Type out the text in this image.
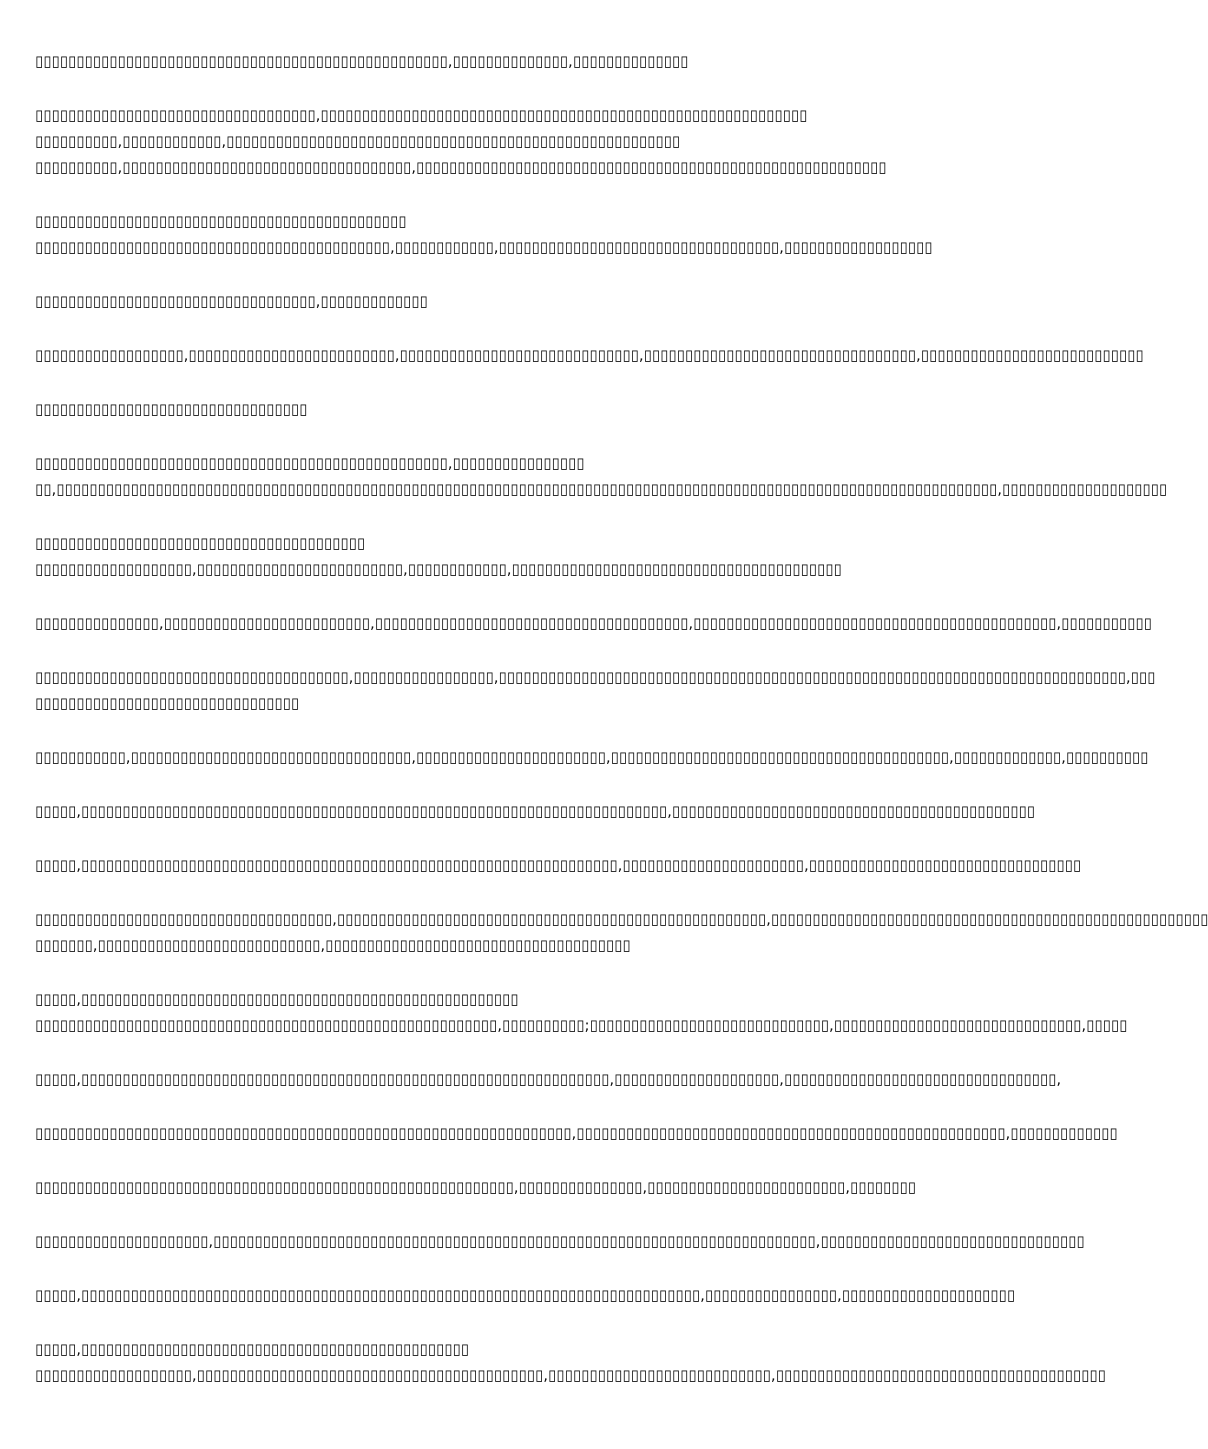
▯▯▯▯▯▯▯▯▯▯▯▯▯▯▯▯▯▯▯▯▯▯▯▯▯▯▯▯▯▯▯▯▯▯▯▯▯▯▯▯▯▯▯▯▯▯▯▯▯▯,▯▯▯▯▯▯▯▯▯▯▯▯▯▯,▯▯▯▯▯▯▯▯▯▯▯▯▯▯
▯▯▯▯▯▯▯▯▯▯▯▯▯▯▯▯▯▯▯▯▯▯▯▯▯▯▯▯▯▯▯▯▯▯,▯▯▯▯▯▯▯▯▯▯▯▯▯▯▯▯▯▯▯▯▯▯▯▯▯▯▯▯▯▯▯▯▯▯▯▯▯▯▯▯▯▯▯▯▯▯▯▯▯▯▯▯▯▯▯▯▯▯▯
▯▯▯▯▯▯▯▯▯▯,▯▯▯▯▯▯▯▯▯▯▯▯,▯▯▯▯▯▯▯▯▯▯▯▯▯▯▯▯▯▯▯▯▯▯▯▯▯▯▯▯▯▯▯▯▯▯▯▯▯▯▯▯▯▯▯▯▯▯▯▯▯▯▯▯▯▯▯
▯▯▯▯▯▯▯▯▯▯,▯▯▯▯▯▯▯▯▯▯▯▯▯▯▯▯▯▯▯▯▯▯▯▯▯▯▯▯▯▯▯▯▯▯▯,▯▯▯▯▯▯▯▯▯▯▯▯▯▯▯▯▯▯▯▯▯▯▯▯▯▯▯▯▯▯▯▯▯▯▯▯▯▯▯▯▯▯▯▯▯▯▯▯▯▯▯▯▯▯▯▯▯
▯▯▯▯▯▯▯▯▯▯▯▯▯▯▯▯▯▯▯▯▯▯▯▯▯▯▯▯▯▯▯▯▯▯▯▯▯▯▯▯▯▯▯▯▯
▯▯▯▯▯▯▯▯▯▯▯▯▯▯▯▯▯▯▯▯▯▯▯▯▯▯▯▯▯▯▯▯▯▯▯▯▯▯▯▯▯▯▯,▯▯▯▯▯▯▯▯▯▯▯▯,▯▯▯▯▯▯▯▯▯▯▯▯▯▯▯▯▯▯▯▯▯▯▯▯▯▯▯▯▯▯▯▯▯▯,▯▯▯▯▯▯▯▯▯▯▯▯▯▯▯▯▯▯
▯▯▯▯▯▯▯▯▯▯▯▯▯▯▯▯▯▯▯▯▯▯▯▯▯▯▯▯▯▯▯▯▯▯,▯▯▯▯▯▯▯▯▯▯▯▯▯
▯▯▯▯▯▯▯▯▯▯▯▯▯▯▯▯▯▯,▯▯▯▯▯▯▯▯▯▯▯▯▯▯▯▯▯▯▯▯▯▯▯▯▯,▯▯▯▯▯▯▯▯▯▯▯▯▯▯▯▯▯▯▯▯▯▯▯▯▯▯▯▯▯,▯▯▯▯▯▯▯▯▯▯▯▯▯▯▯▯▯▯▯▯▯▯▯▯▯▯▯▯▯▯▯▯▯,▯▯▯▯▯▯▯▯▯▯▯▯▯▯▯▯▯▯▯▯▯▯▯▯▯▯▯
▯▯▯▯▯▯▯▯▯▯▯▯▯▯▯▯▯▯▯▯▯▯▯▯▯▯▯▯▯▯▯▯▯
▯▯▯▯▯▯▯▯▯▯▯▯▯▯▯▯▯▯▯▯▯▯▯▯▯▯▯▯▯▯▯▯▯▯▯▯▯▯▯▯▯▯▯▯▯▯▯▯▯▯,▯▯▯▯▯▯▯▯▯▯▯▯▯▯▯▯
▯▯,▯▯▯▯▯▯▯▯▯▯▯▯▯▯▯▯▯▯▯▯▯▯▯▯▯▯▯▯▯▯▯▯▯▯▯▯▯▯▯▯▯▯▯▯▯▯▯▯▯▯▯▯▯▯▯▯▯▯▯▯▯▯▯▯▯▯▯▯▯▯▯▯▯▯▯▯▯▯▯▯▯▯▯▯▯▯▯▯▯▯▯▯▯▯▯▯▯▯▯▯▯▯▯▯▯▯▯▯▯▯▯▯▯▯,▯▯▯▯▯▯▯▯▯▯▯▯▯▯▯▯▯▯▯▯
▯▯▯▯▯▯▯▯▯▯▯▯▯▯▯▯▯▯▯▯▯▯▯▯▯▯▯▯▯▯▯▯▯▯▯▯▯▯▯▯
▯▯▯▯▯▯▯▯▯▯▯▯▯▯▯▯▯▯▯,▯▯▯▯▯▯▯▯▯▯▯▯▯▯▯▯▯▯▯▯▯▯▯▯▯,▯▯▯▯▯▯▯▯▯▯▯▯,▯▯▯▯▯▯▯▯▯▯▯▯▯▯▯▯▯▯▯▯▯▯▯▯▯▯▯▯▯▯▯▯▯▯▯▯▯▯▯▯
▯▯▯▯▯▯▯▯▯▯▯▯▯▯▯,▯▯▯▯▯▯▯▯▯▯▯▯▯▯▯▯▯▯▯▯▯▯▯▯▯,▯▯▯▯▯▯▯▯▯▯▯▯▯▯▯▯▯▯▯▯▯▯▯▯▯▯▯▯▯▯▯▯▯▯▯▯▯▯,▯▯▯▯▯▯▯▯▯▯▯▯▯▯▯▯▯▯▯▯▯▯▯▯▯▯▯▯▯▯▯▯▯▯▯▯▯▯▯▯▯▯▯▯,▯▯▯▯▯▯▯▯▯▯▯
▯▯▯▯▯▯▯▯▯▯▯▯▯▯▯▯▯▯▯▯▯▯▯▯▯▯▯▯▯▯▯▯▯▯▯▯▯▯,▯▯▯▯▯▯▯▯▯▯▯▯▯▯▯▯▯,▯▯▯▯▯▯▯▯▯▯▯▯▯▯▯▯▯▯▯▯▯▯▯▯▯▯▯▯▯▯▯▯▯▯▯▯▯▯▯▯▯▯▯▯▯▯▯▯▯▯▯▯▯▯▯▯▯▯▯▯▯▯▯▯▯▯▯▯▯▯▯▯▯▯▯▯,▯▯▯
▯▯▯▯▯▯▯▯▯▯▯▯▯▯▯▯▯▯▯▯▯▯▯▯▯▯▯▯▯▯▯▯
▯▯▯▯▯▯▯▯▯▯▯,▯▯▯▯▯▯▯▯▯▯▯▯▯▯▯▯▯▯▯▯▯▯▯▯▯▯▯▯▯▯▯▯▯▯,▯▯▯▯▯▯▯▯▯▯▯▯▯▯▯▯▯▯▯▯▯▯▯,▯▯▯▯▯▯▯▯▯▯▯▯▯▯▯▯▯▯▯▯▯▯▯▯▯▯▯▯▯▯▯▯▯▯▯▯▯▯▯▯▯,▯▯▯▯▯▯▯▯▯▯▯▯▯,▯▯▯▯▯▯▯▯▯▯
▯▯▯▯▯,▯▯▯▯▯▯▯▯▯▯▯▯▯▯▯▯▯▯▯▯▯▯▯▯▯▯▯▯▯▯▯▯▯▯▯▯▯▯▯▯▯▯▯▯▯▯▯▯▯▯▯▯▯▯▯▯▯▯▯▯▯▯▯▯▯▯▯▯▯▯▯,▯▯▯▯▯▯▯▯▯▯▯▯▯▯▯▯▯▯▯▯▯▯▯▯▯▯▯▯▯▯▯▯▯▯▯▯▯▯▯▯▯▯▯▯
▯▯▯▯▯,▯▯▯▯▯▯▯▯▯▯▯▯▯▯▯▯▯▯▯▯▯▯▯▯▯▯▯▯▯▯▯▯▯▯▯▯▯▯▯▯▯▯▯▯▯▯▯▯▯▯▯▯▯▯▯▯▯▯▯▯▯▯▯▯▯,▯▯▯▯▯▯▯▯▯▯▯▯▯▯▯▯▯▯▯▯▯▯,▯▯▯▯▯▯▯▯▯▯▯▯▯▯▯▯▯▯▯▯▯▯▯▯▯▯▯▯▯▯▯▯▯
▯▯▯▯▯▯▯▯▯▯▯▯▯▯▯▯▯▯▯▯▯▯▯▯▯▯▯▯▯▯▯▯▯▯▯▯,▯▯▯▯▯▯▯▯▯▯▯▯▯▯▯▯▯▯▯▯▯▯▯▯▯▯▯▯▯▯▯▯▯▯▯▯▯▯▯▯▯▯▯▯▯▯▯▯▯▯▯▯,▯▯▯▯▯▯▯▯▯▯▯▯▯▯▯▯▯▯▯▯▯▯▯▯▯▯▯▯▯▯▯▯▯▯▯▯▯▯▯▯▯▯▯▯▯▯▯▯▯▯▯▯▯
▯▯▯▯▯▯▯,▯▯▯▯▯▯▯▯▯▯▯▯▯▯▯▯▯▯▯▯▯▯▯▯▯▯▯,▯▯▯▯▯▯▯▯▯▯▯▯▯▯▯▯▯▯▯▯▯▯▯▯▯▯▯▯▯▯▯▯▯▯▯▯▯
▯▯▯▯▯,▯▯▯▯▯▯▯▯▯▯▯▯▯▯▯▯▯▯▯▯▯▯▯▯▯▯▯▯▯▯▯▯▯▯▯▯▯▯▯▯▯▯▯▯▯▯▯▯▯▯▯▯▯
▯▯▯▯▯▯▯▯▯▯▯▯▯▯▯▯▯▯▯▯▯▯▯▯▯▯▯▯▯▯▯▯▯▯▯▯▯▯▯▯▯▯▯▯▯▯▯▯▯▯▯▯▯▯▯▯,▯▯▯▯▯▯▯▯▯▯;▯▯▯▯▯▯▯▯▯▯▯▯▯▯▯▯▯▯▯▯▯▯▯▯▯▯▯▯▯,▯▯▯▯▯▯▯▯▯▯▯▯▯▯▯▯▯▯▯▯▯▯▯▯▯▯▯▯▯▯,▯▯▯▯▯
▯▯▯▯▯,▯▯▯▯▯▯▯▯▯▯▯▯▯▯▯▯▯▯▯▯▯▯▯▯▯▯▯▯▯▯▯▯▯▯▯▯▯▯▯▯▯▯▯▯▯▯▯▯▯▯▯▯▯▯▯▯▯▯▯▯▯▯▯▯,▯▯▯▯▯▯▯▯▯▯▯▯▯▯▯▯▯▯▯▯,▯▯▯▯▯▯▯▯▯▯▯▯▯▯▯▯▯▯▯▯▯▯▯▯▯▯▯▯▯▯▯▯▯,
▯▯▯▯▯▯▯▯▯▯▯▯▯▯▯▯▯▯▯▯▯▯▯▯▯▯▯▯▯▯▯▯▯▯▯▯▯▯▯▯▯▯▯▯▯▯▯▯▯▯▯▯▯▯▯▯▯▯▯▯▯▯▯▯▯,▯▯▯▯▯▯▯▯▯▯▯▯▯▯▯▯▯▯▯▯▯▯▯▯▯▯▯▯▯▯▯▯▯▯▯▯▯▯▯▯▯▯▯▯▯▯▯▯▯▯▯▯,▯▯▯▯▯▯▯▯▯▯▯▯▯
▯▯▯▯▯▯▯▯▯▯▯▯▯▯▯▯▯▯▯▯▯▯▯▯▯▯▯▯▯▯▯▯▯▯▯▯▯▯▯▯▯▯▯▯▯▯▯▯▯▯▯▯▯▯▯▯▯▯,▯▯▯▯▯▯▯▯▯▯▯▯▯▯▯,▯▯▯▯▯▯▯▯▯▯▯▯▯▯▯▯▯▯▯▯▯▯▯▯,▯▯▯▯▯▯▯▯
▯▯▯▯▯▯▯▯▯▯▯▯▯▯▯▯▯▯▯▯▯,▯▯▯▯▯▯▯▯▯▯▯▯▯▯▯▯▯▯▯▯▯▯▯▯▯▯▯▯▯▯▯▯▯▯▯▯▯▯▯▯▯▯▯▯▯▯▯▯▯▯▯▯▯▯▯▯▯▯▯▯▯▯▯▯▯▯▯▯▯▯▯▯▯,▯▯▯▯▯▯▯▯▯▯▯▯▯▯▯▯▯▯▯▯▯▯▯▯▯▯▯▯▯▯▯▯
▯▯▯▯▯,▯▯▯▯▯▯▯▯▯▯▯▯▯▯▯▯▯▯▯▯▯▯▯▯▯▯▯▯▯▯▯▯▯▯▯▯▯▯▯▯▯▯▯▯▯▯▯▯▯▯▯▯▯▯▯▯▯▯▯▯▯▯▯▯▯▯▯▯▯▯▯▯▯▯▯,▯▯▯▯▯▯▯▯▯▯▯▯▯▯▯▯,▯▯▯▯▯▯▯▯▯▯▯▯▯▯▯▯▯▯▯▯▯
▯▯▯▯▯,▯▯▯▯▯▯▯▯▯▯▯▯▯▯▯▯▯▯▯▯▯▯▯▯▯▯▯▯▯▯▯▯▯▯▯▯▯▯▯▯▯▯▯▯▯▯▯
▯▯▯▯▯▯▯▯▯▯▯▯▯▯▯▯▯▯▯,▯▯▯▯▯▯▯▯▯▯▯▯▯▯▯▯▯▯▯▯▯▯▯▯▯▯▯▯▯▯▯▯▯▯▯▯▯▯▯▯▯▯,▯▯▯▯▯▯▯▯▯▯▯▯▯▯▯▯▯▯▯▯▯▯▯▯▯▯▯,▯▯▯▯▯▯▯▯▯▯▯▯▯▯▯▯▯▯▯▯▯▯▯▯▯▯▯▯▯▯▯▯▯▯▯▯▯▯▯▯
